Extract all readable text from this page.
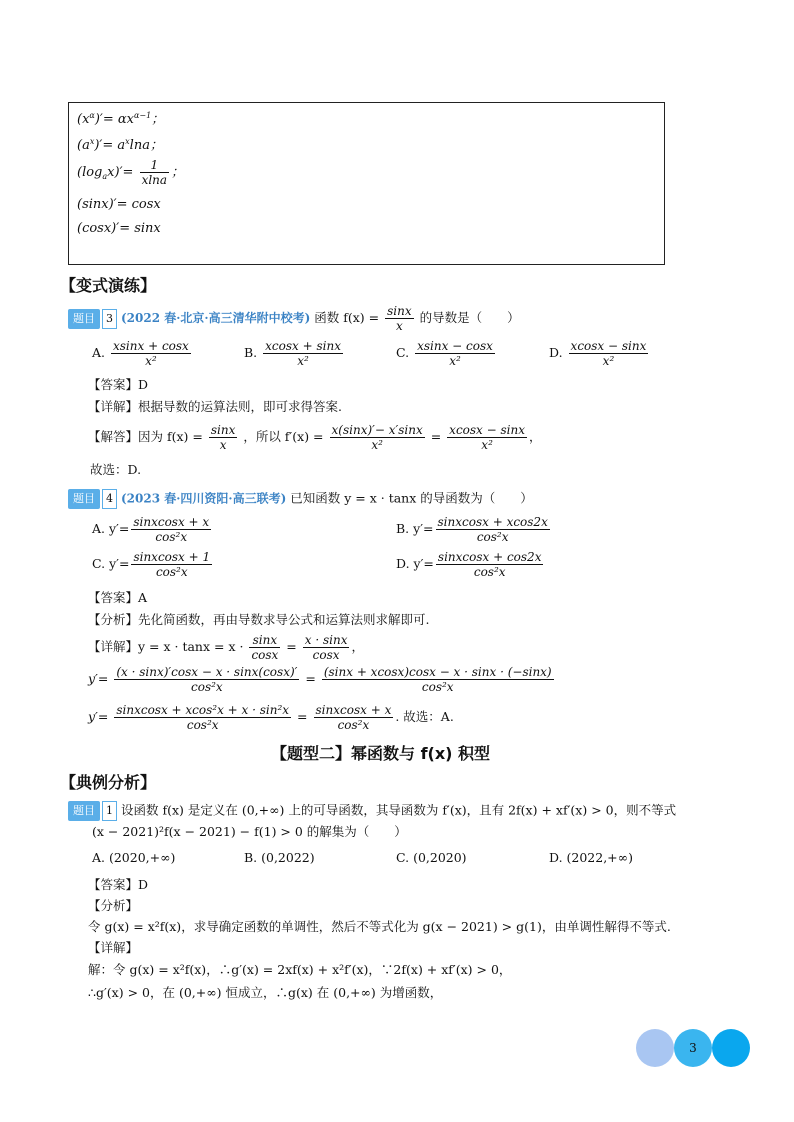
$(x^\alpha)'= \alpha x^{\alpha-1}$；
$(a^x)'= a^x\ln a$；
$(\log_ax)'= \frac{1}{xlna}$ ；
(sinx)′= cosx
(cosx)′= sinx
【变式演练】
题目 3 (2022 春·北京·高三清华附中校考) 函数 $f(x) = \frac{\sin x}{x}$ 的导数是（　　）
A. $\frac{xsinx + \cos x}{\text{x²}}$	B. $\frac{xcosx + \sin x}{\text{x²}}$	C. $\frac{xsinx - \cos x}{\text{x²}}$	D. $\frac{xcosx - \sin x}{\text{x²}}$
【答案】D
【详解】根据导数的运算法则，即可求得答案.
【解答】因为 $f(x) = \frac{\sin x}{x}$ ，所以 $f'(x) = \frac{x(\sin x)'- x'\sin x}{\text{x²}} = \frac{xcosx - \sin x}{\text{x²}}$ ，
故选：D.
题目 4 (2023 春·四川资阳·高三联考) 已知函数 y = x · tanx 的导函数为（　　）
A. $y'= \frac{\text{sinxcosx + x}}{\text{cos²x}}$	B. $y'= \frac{\text{sinxcosx + xcos2x}}{\text{cos²x}}$
C. $y'= \frac{\text{sinxcosx + 1}}{\text{cos²x}}$	D. $y'= \frac{\text{sinxcosx + cos2x}}{\text{cos²x}}$
【答案】A
【分析】先化简函数，再由导数求导公式和运算法则求解即可.
【详解】$y = x \cdot \tan x = x \cdot \frac{\sin x}{\cos x} = \frac{x \cdot \sin x}{\cos x}$ ，
$y'= \frac{(x \cdot \sin x)'\cos x - x \cdot \sin x(\cos x)'}{\text{cos²x}} = \frac{(\sin x + xcosx)\cos x - x \cdot \sin x \cdot (-\sin x)}{\text{cos²x}}$
$y'= \frac{\text{sinxcosx + xcos²x + x · sin²x}}{\text{cos²x}} = \frac{\text{sinxcosx + x}}{\text{cos²x}}$ . 故选：A.
【题型二】幂函数与 f(x) 积型
【典例分析】
题目 1 设函数 f(x) 是定义在 (0,+∞) 上的可导函数，其导函数为 f′(x)，且有 2f(x) + xf′(x) > 0，则不等式
(x − 2021)²f(x − 2021) − f(1) > 0 的解集为（　　）
A. (2020,+∞)	B. (0,2022)	C. (0,2020)	D. (2022,+∞)
【答案】D
【分析】
令 g(x) = x²f(x)，求导确定函数的单调性，然后不等式化为 g(x − 2021) > g(1)，由单调性解得不等式.
【详解】
解：令 g(x) = x²f(x)，∴g′(x) = 2xf(x) + x²f′(x)，∵2f(x) + xf′(x) > 0，
∴g′(x) > 0，在 (0,+∞) 恒成立，∴g(x) 在 (0,+∞) 为增函数，
3
